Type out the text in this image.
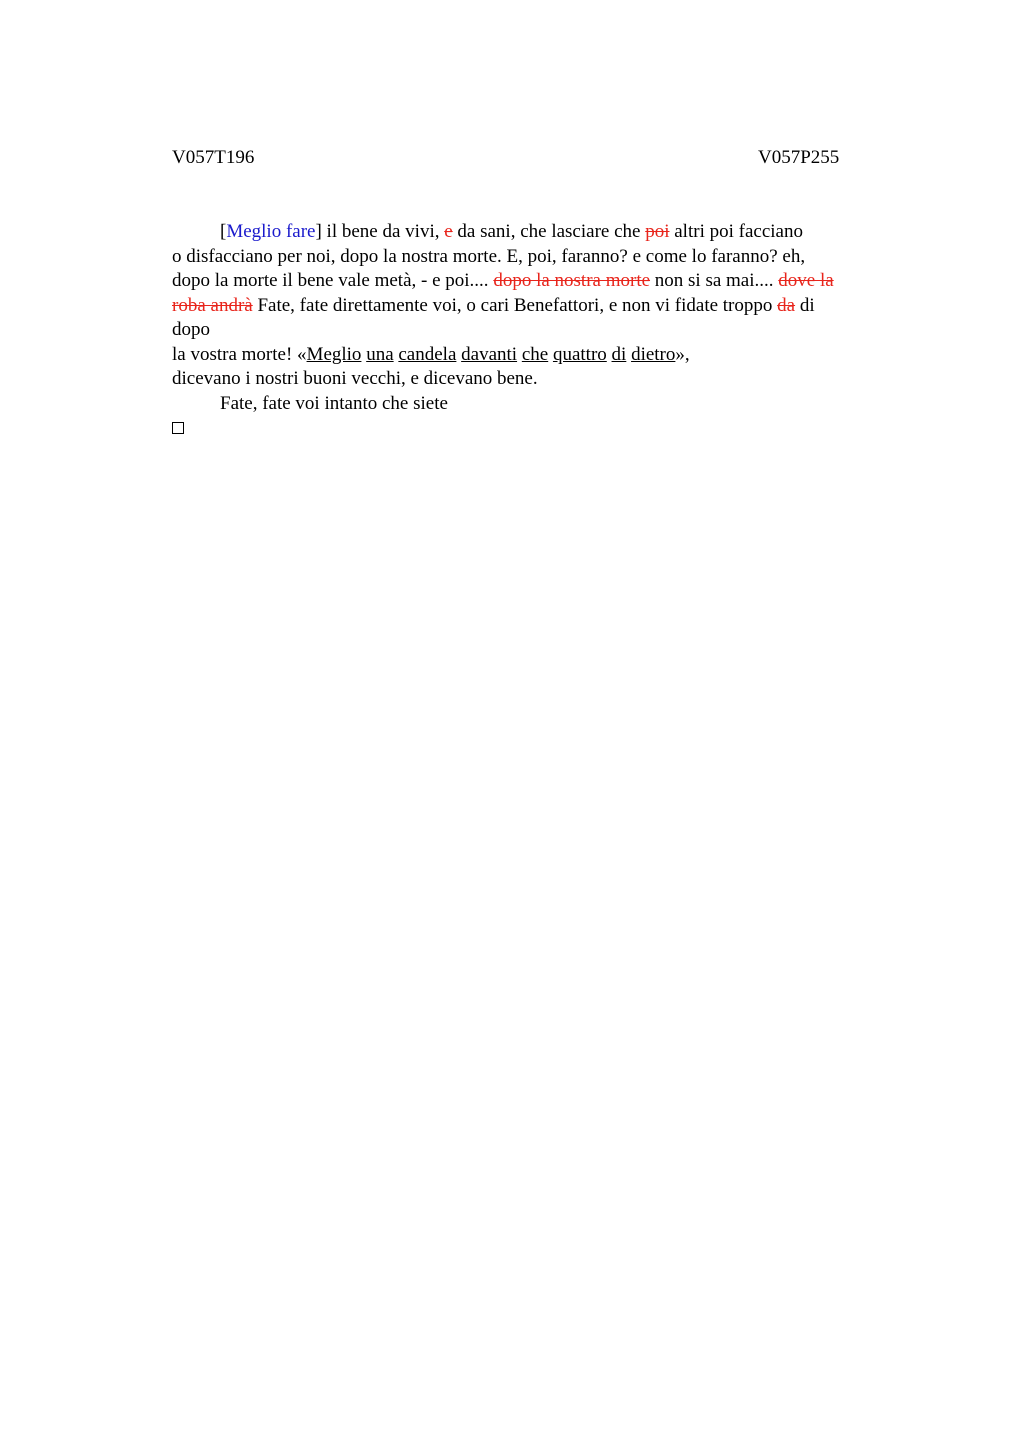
V057T196	V057P255
[Meglio fare] il bene da vivi, e da sani, che lasciare che poi altri poi facciano
o disfacciano per noi, dopo la nostra morte. E, poi, faranno? e come lo faranno? eh,
dopo la morte il bene vale metà, - e poi.... dopo la nostra morte non si sa mai.... dove la
roba andrà Fate, fate direttamente voi, o cari Benefattori, e non vi fidate troppo da di
dopo
la vostra morte! «Meglio una candela davanti che quattro di dietro»,
dicevano i nostri buoni vecchi, e dicevano bene.
Fate, fate voi intanto che siete
